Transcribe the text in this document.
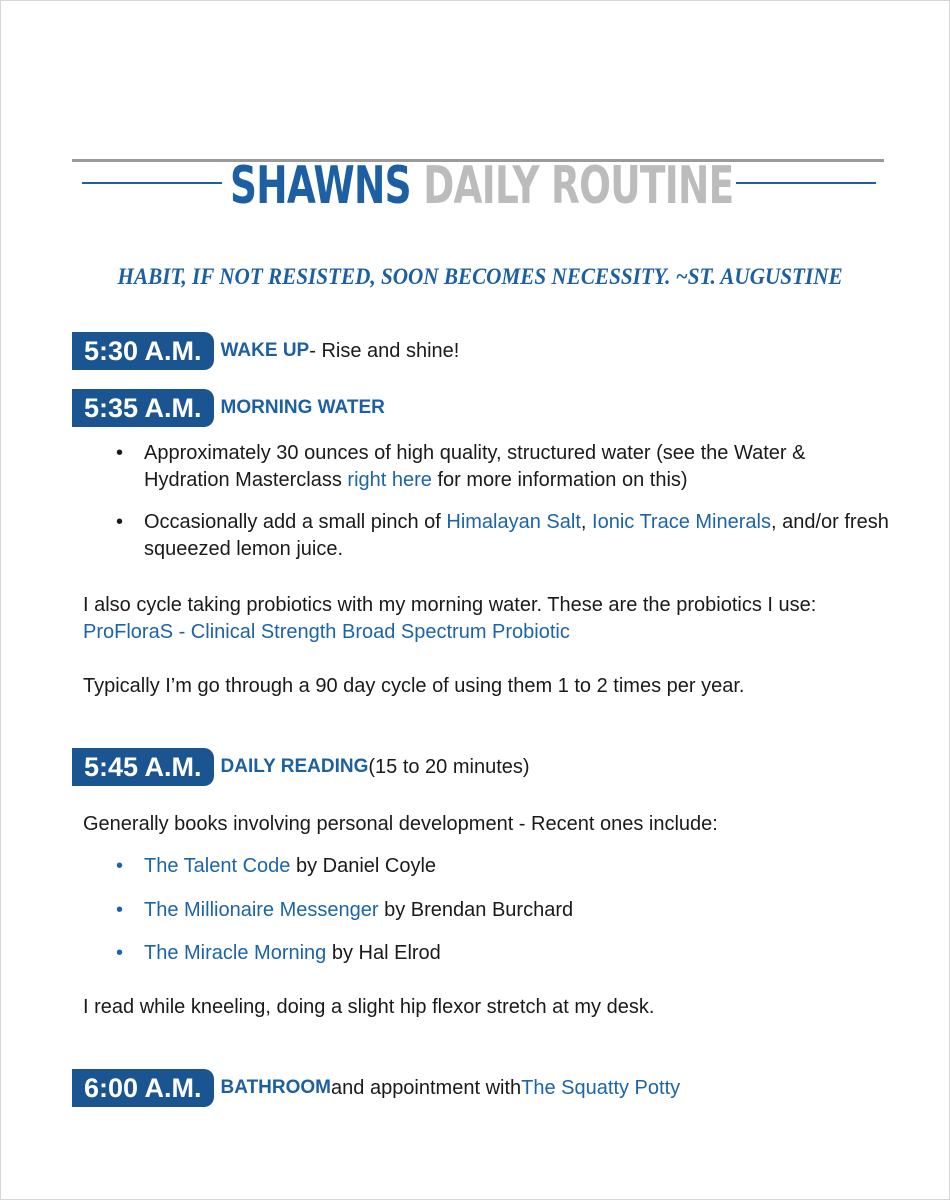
SHAWNS DAILY ROUTINE
HABIT, IF NOT RESISTED, SOON BECOMES NECESSITY. ~ST. AUGUSTINE
5:30 A.M.	WAKE UP - Rise and shine!
5:35 A.M.	MORNING WATER
•	Approximately 30 ounces of high quality, structured water (see the Water &
Hydration Masterclass right here for more information on this)
•	Occasionally add a small pinch of Himalayan Salt, Ionic Trace Minerals, and/or fresh
squeezed lemon juice.
I also cycle taking probiotics with my morning water. These are the probiotics I use:
ProFloraS - Clinical Strength Broad Spectrum Probiotic
Typically I’m go through a 90 day cycle of using them 1 to 2 times per year.
5:45 A.M.	DAILY READING (15 to 20 minutes)
Generally books involving personal development - Recent ones include:
•	The Talent Code by Daniel Coyle
•	The Millionaire Messenger by Brendan Burchard
•	The Miracle Morning by Hal Elrod
I read while kneeling, doing a slight hip flexor stretch at my desk.
6:00 A.M.	BATHROOM and appointment with The Squatty Potty
